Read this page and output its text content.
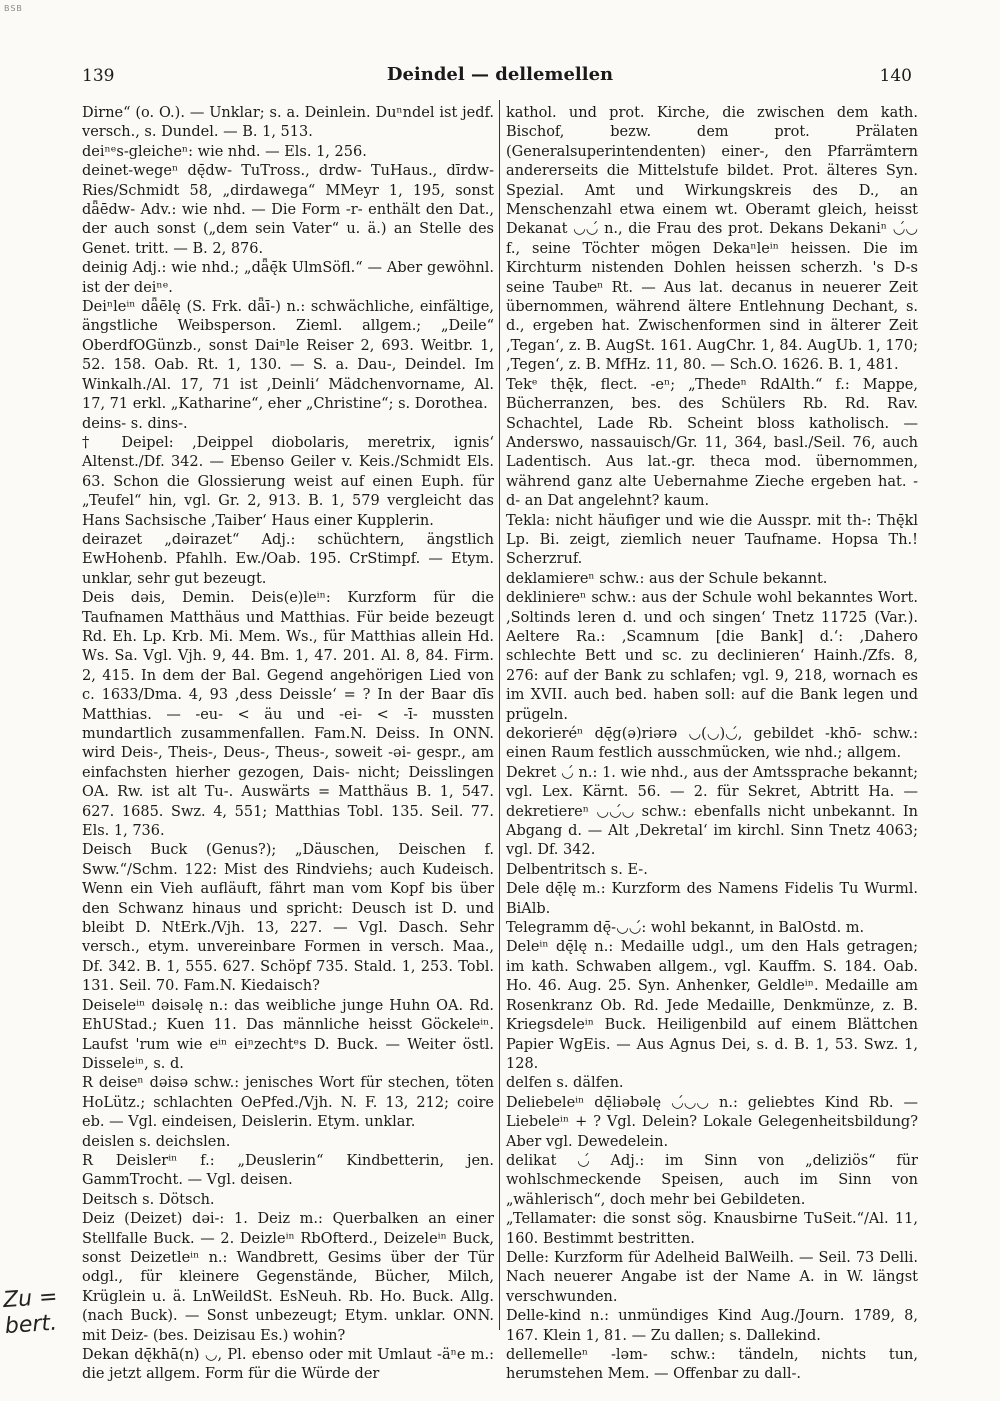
BSB
139	Deindel — dellemellen	140

Dirne“ (o. O.). — Unklar; s. a. Deinlein. Duⁿndel ist jedf. versch., s. Dundel. — B. 1, 513.

deiⁿᵉs-gleicheⁿ: wie nhd. — Els. 1, 256.

deinet-wegeⁿ dę̄dw- TuTross., drdw- TuHaus., dīrdw- Ries/Schmidt 58, „dirdawega“ MMeyr 1, 195, sonst dǟēdw- Adv.: wie nhd. — Die Form -r- enthält den Dat., der auch sonst („dem sein Vater“ u. ä.) an Stelle des Genet. tritt. — B. 2, 876.

deinig Adj.: wie nhd.; „dǟę̄k UlmSöfl.“ — Aber gewöhnl. ist der deiⁿᵉ.

Deiⁿleⁱⁿ dǟēlę (S. Frk. dǟī-) n.: schwächliche, einfältige, ängstliche Weibsperson. Zieml. allgem.; „Deile“ OberdfOGünzb., sonst Daiⁿle Reiser 2, 693. Weitbr. 1, 52. 158. Oab. Rt. 1, 130. — S. a. Dau-, Deindel. Im Winkalh./Al. 17, 71 ist ‚Deinli‘ Mädchenvorname, Al. 17, 71 erkl. „Katharine“, eher „Christine“; s. Dorothea.

deins- s. dins-.

† Deipel: ‚Deippel diobolaris, meretrix, ignis‘ Altenst./Df. 342. — Ebenso Geiler v. Keis./Schmidt Els. 63. Schon die Glossierung weist auf einen Euph. für „Teufel“ hin, vgl. Gr. 2, 913. B. 1, 579 vergleicht das Hans Sachsische ‚Taiber‘ Haus einer Kupplerin.

deirazet „dəirazet“ Adj.: schüchtern, ängstlich EwHohenb. Pfahlh. Ew./Oab. 195. CrStimpf. — Etym. unklar, sehr gut bezeugt.

Deis dəis, Demin. Deis(e)leⁱⁿ: Kurzform für die Taufnamen Matthäus und Matthias. Für beide bezeugt Rd. Eh. Lp. Krb. Mi. Mem. Ws., für Matthias allein Hd. Ws. Sa. Vgl. Vjh. 9, 44. Bm. 1, 47. 201. Al. 8, 84. Firm. 2, 415. In dem der Bal. Gegend angehörigen Lied von c. 1633/Dma. 4, 93 ‚dess Deissle‘ = ? In der Baar dīs Matthias. — -eu- < äu und -ei- < -ī- mussten mundartlich zusammenfallen. Fam.N. Deiss. In ONN. wird Deis-, Theis-, Deus-, Theus-, soweit -əi- gespr., am einfachsten hierher gezogen, Dais- nicht; Deisslingen OA. Rw. ist alt Tu-. Auswärts = Matthäus B. 1, 547. 627. 1685. Swz. 4, 551; Matthias Tobl. 135. Seil. 77. Els. 1, 736.

Deisch Buck (Genus?); „Däuschen, Deischen f. Sww.“/Schm. 122: Mist des Rindviehs; auch Kudeisch. Wenn ein Vieh aufläuft, fährt man vom Kopf bis über den Schwanz hinaus und spricht: Deusch ist D. und bleibt D. NtErk./Vjh. 13, 227. — Vgl. Dasch. Sehr versch., etym. unvereinbare Formen in versch. Maa., Df. 342. B. 1, 555. 627. Schöpf 735. Stald. 1, 253. Tobl. 131. Seil. 70. Fam.N. Kiedaisch?

Deiseleⁱⁿ dəisəlę n.: das weibliche junge Huhn OA. Rd. EhUStad.; Kuen 11. Das männliche heisst Göckeleⁱⁿ. Laufst 'rum wie eⁱⁿ eiⁿzechtᵉs D. Buck. — Weiter östl. Disseleⁱⁿ, s. d.

R deiseⁿ dəisə schw.: jenisches Wort für stechen, töten HoLütz.; schlachten OePfed./Vjh. N. F. 13, 212; coire eb. — Vgl. eindeisen, Deislerin. Etym. unklar.

deislen s. deichslen.

R Deislerⁱⁿ f.: „Deuslerin“ Kindbetterin, jen. GammTrocht. — Vgl. deisen.

Deitsch s. Dötsch.

Deiz (Deizet) dəi-: 1. Deiz m.: Querbalken an einer Stellfalle Buck. — 2. Deizleⁱⁿ RbOfterd., Deizeleⁱⁿ Buck, sonst Deizetleⁱⁿ n.: Wandbrett, Gesims über der Tür odgl., für kleinere Gegenstände, Bücher, Milch, Krüglein u. ä. LnWeildSt. EsNeuh. Rb. Ho. Buck. Allg. (nach Buck). — Sonst unbezeugt; Etym. unklar. ONN. mit Deiz- (bes. Deizisau Es.) wohin?

Dekan dę̄khā(n) ◡, Pl. ebenso oder mit Umlaut -äⁿe m.: die jetzt allgem. Form für die Würde der

kathol. und prot. Kirche, die zwischen dem kath. Bischof, bezw. dem prot. Prälaten (Generalsuperintendenten) einer-, den Pfarrämtern andererseits die Mittelstufe bildet. Prot. älteres Syn. Spezial. Amt und Wirkungskreis des D., an Menschenzahl etwa einem wt. Oberamt gleich, heisst Dekanat ◡◡́ n., die Frau des prot. Dekans Dekaniⁿ ◡́◡ f., seine Töchter mögen Dekaⁿleⁱⁿ heissen. Die im Kirchturm nistenden Dohlen heissen scherzh. 's D-s seine Taubeⁿ Rt. — Aus lat. decanus in neuerer Zeit übernommen, während ältere Entlehnung Dechant, s. d., ergeben hat. Zwischenformen sind in älterer Zeit ‚Tegan‘, z. B. AugSt. 161. AugChr. 1, 84. AugUb. 1, 170; ‚Tegen‘, z. B. MfHz. 11, 80. — Sch.O. 1626. B. 1, 481.

Tekᵉ thę̄k, flect. -eⁿ; „Thedeⁿ RdAlth.“ f.: Mappe, Bücherranzen, bes. des Schülers Rb. Rd. Rav. Schachtel, Lade Rb. Scheint bloss katholisch. — Anderswo, nassauisch/Gr. 11, 364, basl./Seil. 76, auch Ladentisch. Aus lat.-gr. theca mod. übernommen, während ganz alte Uebernahme Zieche ergeben hat. -d- an Dat angelehnt? kaum.

Tekla: nicht häufiger und wie die Ausspr. mit th-: Thę̄kl Lp. Bi. zeigt, ziemlich neuer Taufname. Hopsa Th.! Scherzruf.

deklamiereⁿ schw.: aus der Schule bekannt.

dekliniereⁿ schw.: aus der Schule wohl bekanntes Wort. ‚Soltinds leren d. und och singen‘ Tnetz 11725 (Var.). Aeltere Ra.: ‚Scamnum [die Bank] d.‘: ‚Dahero schlechte Bett und sc. zu declinieren‘ Hainh./Zfs. 8, 276: auf der Bank zu schlafen; vgl. 9, 218, wornach es im XVII. auch bed. haben soll: auf die Bank legen und prügeln.

dekorieréⁿ dę̄g(ə)riərə ◡(◡)◡́, gebildet -khō- schw.: einen Raum festlich ausschmücken, wie nhd.; allgem.

Dekret ◡́ n.: 1. wie nhd., aus der Amtssprache bekannt; vgl. Lex. Kärnt. 56. — 2. für Sekret, Abtritt Ha. — dekretiereⁿ ◡◡́◡ schw.: ebenfalls nicht unbekannt. In Abgang d. — Alt ‚Dekretal‘ im kirchl. Sinn Tnetz 4063; vgl. Df. 342.

Delbentritsch s. E-.

Dele dę̄lę m.: Kurzform des Namens Fidelis Tu Wurml. BiAlb.

Telegramm dę̄-◡◡́: wohl bekannt, in BalOstd. m.

Deleⁱⁿ dę̄lę n.: Medaille udgl., um den Hals getragen; im kath. Schwaben allgem., vgl. Kauffm. S. 184. Oab. Ho. 46. Aug. 25. Syn. Anhenker, Geldleⁱⁿ. Medaille am Rosenkranz Ob. Rd. Jede Medaille, Denkmünze, z. B. Kriegsdeleⁱⁿ Buck. Heiligenbild auf einem Blättchen Papier WgEis. — Aus Agnus Dei, s. d. B. 1, 53. Swz. 1, 128.

delfen s. dälfen.

Deliebeleⁱⁿ dę̄liəbəlę ◡́◡◡ n.: geliebtes Kind Rb. — Liebeleⁱⁿ + ? Vgl. Delein? Lokale Gelegenheitsbildung? Aber vgl. Dewedelein.

delikat ◡́ Adj.: im Sinn von „deliziös“ für wohlschmeckende Speisen, auch im Sinn von „wählerisch“, doch mehr bei Gebildeten.

„Tellamater: die sonst sög. Knausbirne TuSeit.“/Al. 11, 160. Bestimmt bestritten.

Delle: Kurzform für Adelheid BalWeilh. — Seil. 73 Delli. Nach neuerer Angabe ist der Name A. in W. längst verschwunden.

Delle-kind n.: unmündiges Kind Aug./Journ. 1789, 8, 167. Klein 1, 81. — Zu dallen; s. Dallekind.

dellemelleⁿ -ləm- schw.: tändeln, nichts tun, herumstehen Mem. — Offenbar zu dall-.

Zu = bert.
